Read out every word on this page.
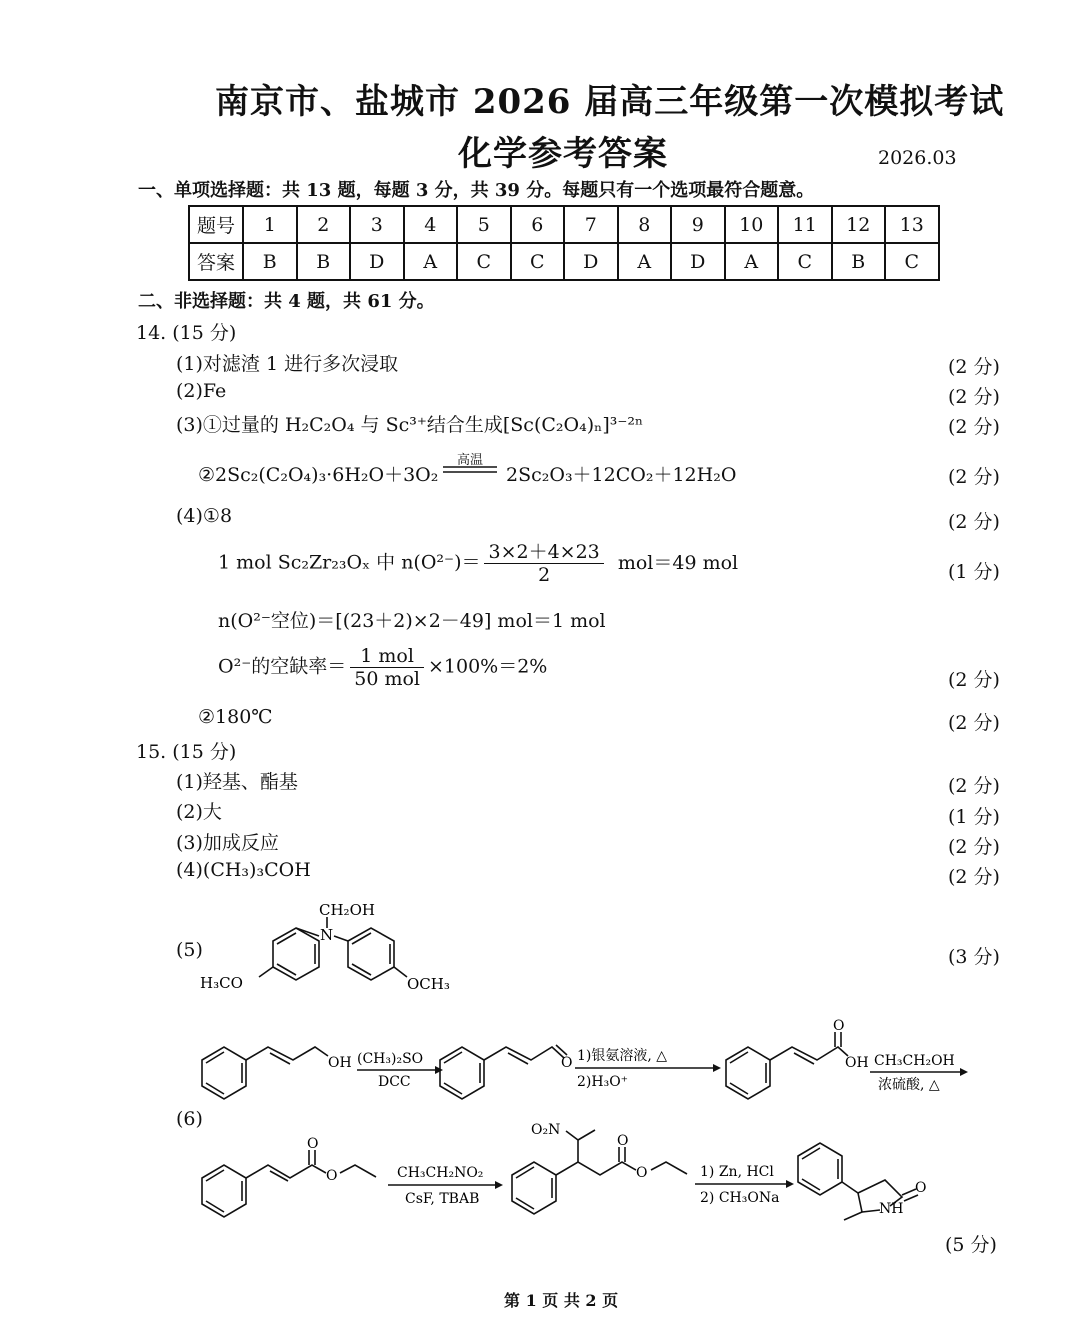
南京市、盐城市 2026 届高三年级第一次模拟考试
化学参考答案	2026.03
一、单项选择题：共 13 题，每题 3 分，共 39 分。每题只有一个选项最符合题意。
题号	1	2	3	4	5	6	7	8	9	10	11	12	13
答案	B	B	D	A	C	C	D	A	D	A	C	B	C
二、非选择题：共 4 题，共 61 分。
14. (15 分)
(1)对滤渣 1 进行多次浸取	(2 分)
(2)Fe	(2 分)
(3)①过量的 H₂C₂O₄ 与 Sc³⁺结合生成[Sc(C₂O₄)ₙ]³⁻²ⁿ	(2 分)
②2Sc₂(C₂O₄)₃·6H₂O＋3O₂
高温
2Sc₂O₃＋12CO₂＋12H₂O	(2 分)
(4)①8	(2 分)
1 mol Sc₂Zr₂₃Oₓ 中 $n(O^{2-})= \frac{3\times 2+4\times 23}{2} mol=49$ mol	(1 分)
n(O²⁻空位)＝[(23＋2)×2－49] mol＝1 mol
O²⁻的空缺率＝ $\frac{\text{1 mol}}{\text{50 mol}} \times 100\%=2\%$
(2 分)
②180℃	(2 分)
15. (15 分)
(1)羟基、酯基	(2 分)
(2)大	(1 分)
(3)加成反应	(2 分)
(4)(CH₃)₃COH	(2 分)
(5)	(3 分)
CH₂OH
N
H₃CO	OCH₃
(6)
(5 分)
OH (CH₃)₂SO
DCC
O 1)银氨溶液, △
2)H₃O⁺
O
OH CH₃CH₂OH
浓硫酸, △
O
O	CH₃CH₂NO₂
CsF, TBAB
O₂N
O
O	1) Zn, HCl
2) CH₃ONa
O
NH
第 1 页 共 2 页
